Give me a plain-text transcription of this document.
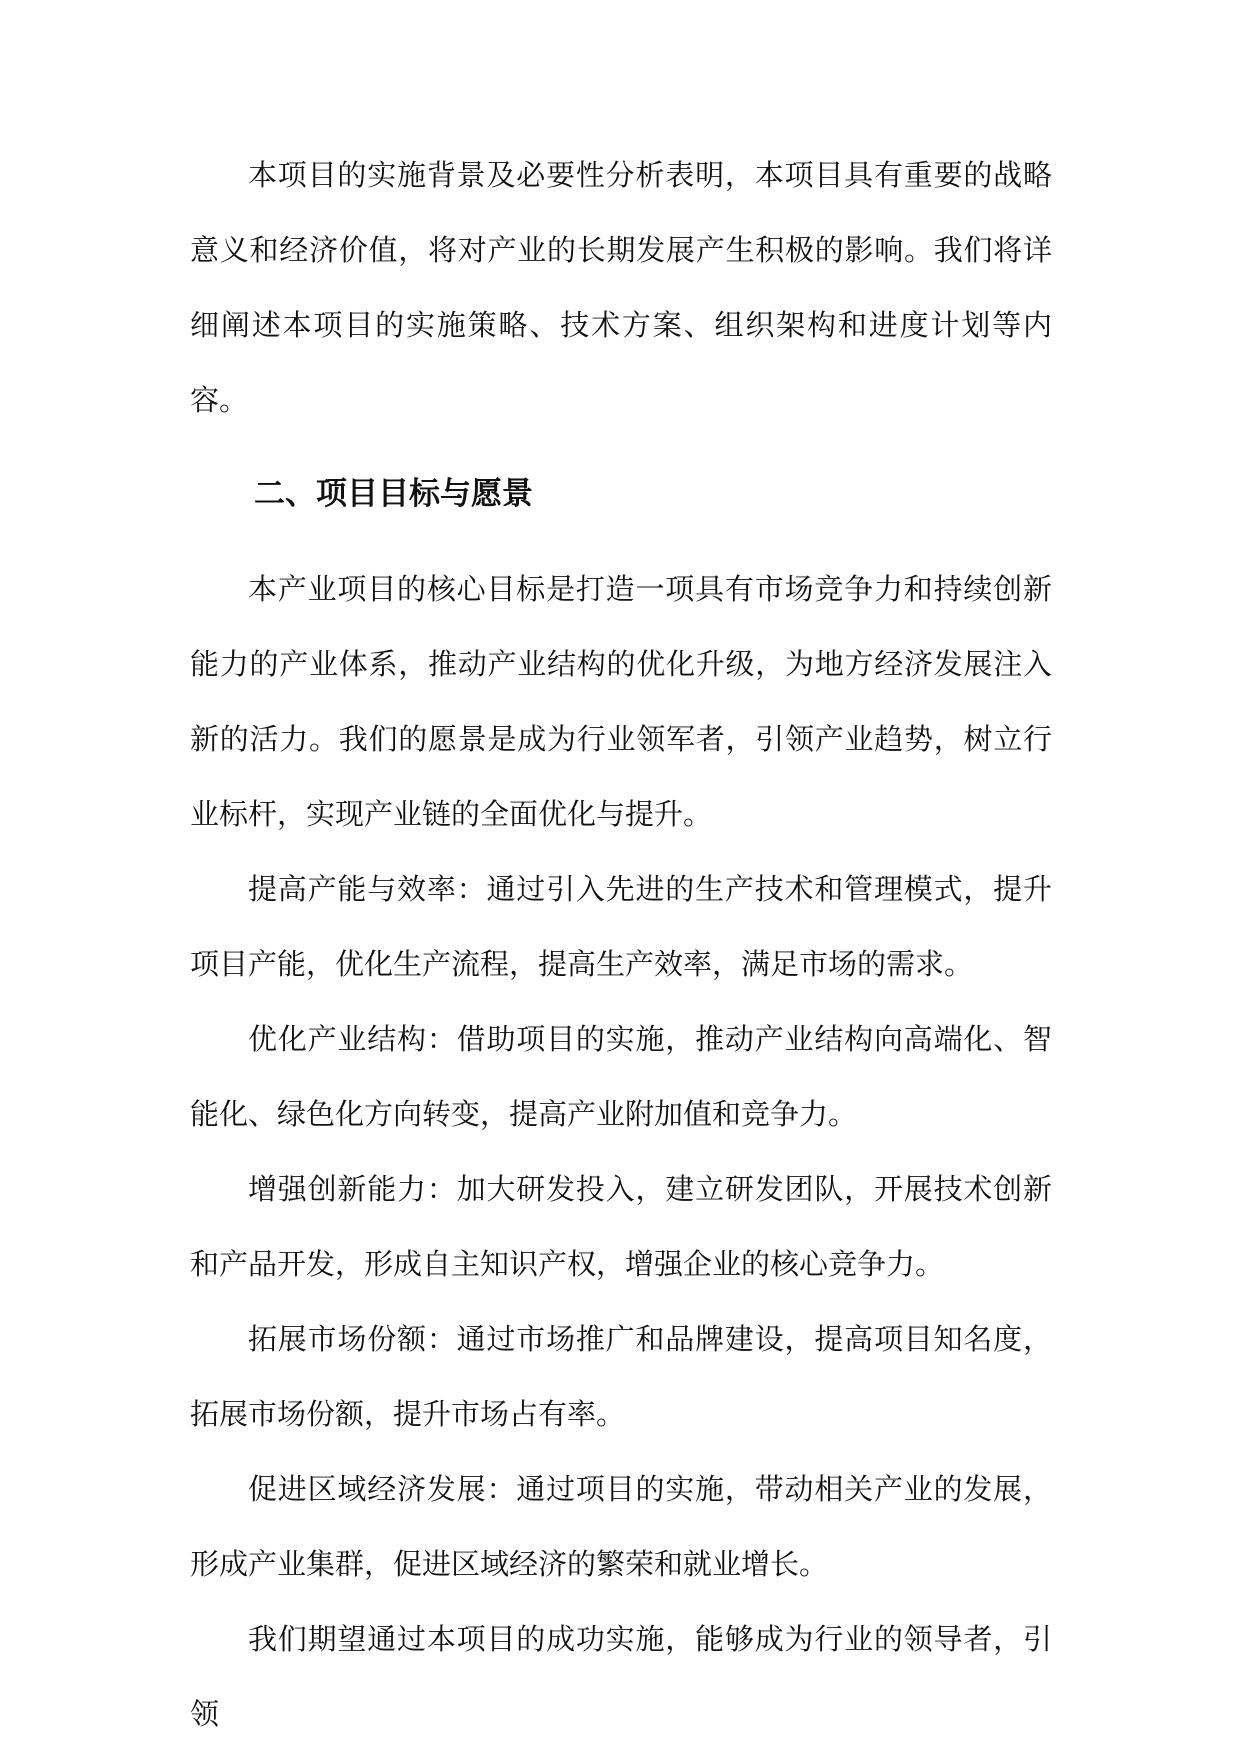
本项目的实施背景及必要性分析表明，本项目具有重要的战略意义和经济价值，将对产业的长期发展产生积极的影响。我们将详细阐述本项目的实施策略、技术方案、组织架构和进度计划等内容。

二、项目目标与愿景

本产业项目的核心目标是打造一项具有市场竞争力和持续创新能力的产业体系，推动产业结构的优化升级，为地方经济发展注入新的活力。我们的愿景是成为行业领军者，引领产业趋势，树立行业标杆，实现产业链的全面优化与提升。

提高产能与效率：通过引入先进的生产技术和管理模式，提升项目产能，优化生产流程，提高生产效率，满足市场的需求。

优化产业结构：借助项目的实施，推动产业结构向高端化、智能化、绿色化方向转变，提高产业附加值和竞争力。

增强创新能力：加大研发投入，建立研发团队，开展技术创新和产品开发，形成自主知识产权，增强企业的核心竞争力。

拓展市场份额：通过市场推广和品牌建设，提高项目知名度，拓展市场份额，提升市场占有率。

促进区域经济发展：通过项目的实施，带动相关产业的发展，形成产业集群，促进区域经济的繁荣和就业增长。

我们期望通过本项目的成功实施，能够成为行业的领导者，引领
